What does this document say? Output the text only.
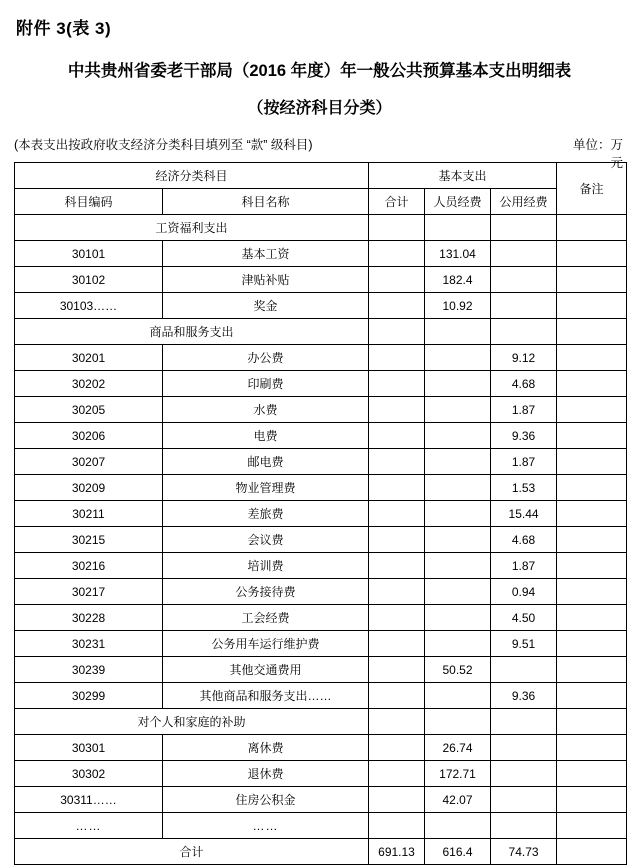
附件 3(表 3)
中共贵州省委老干部局（2016 年度）年一般公共预算基本支出明细表
（按经济科目分类）
(本表支出按政府收支经济分类科目填列至 “款” 级科目)	单位：万
元
经济分类科目		基本支出			备注
科目编码	科目名称	合计	人员经费	公用经费	
工资福利支出					
30101	基本工资		131.04		
30102	津贴补贴		182.4		
30103……	奖金		10.92		
商品和服务支出					
30201	办公费			9.12	
30202	印刷费			4.68	
30205	水费			1.87	
30206	电费			9.36	
30207	邮电费			1.87	
30209	物业管理费			1.53	
30211	差旅费			15.44	
30215	会议费			4.68	
30216	培训费			1.87	
30217	公务接待费			0.94	
30228	工会经费			4.50	
30231	公务用车运行维护费			9.51	
30239	其他交通费用		50.52		
30299	其他商品和服务支出……			9.36	
对个人和家庭的补助					
30301	离休费		26.74		
30302	退休费		172.71		
30311……	住房公积金		42.07		
……	……				
合计		691.13	616.4	74.73	
